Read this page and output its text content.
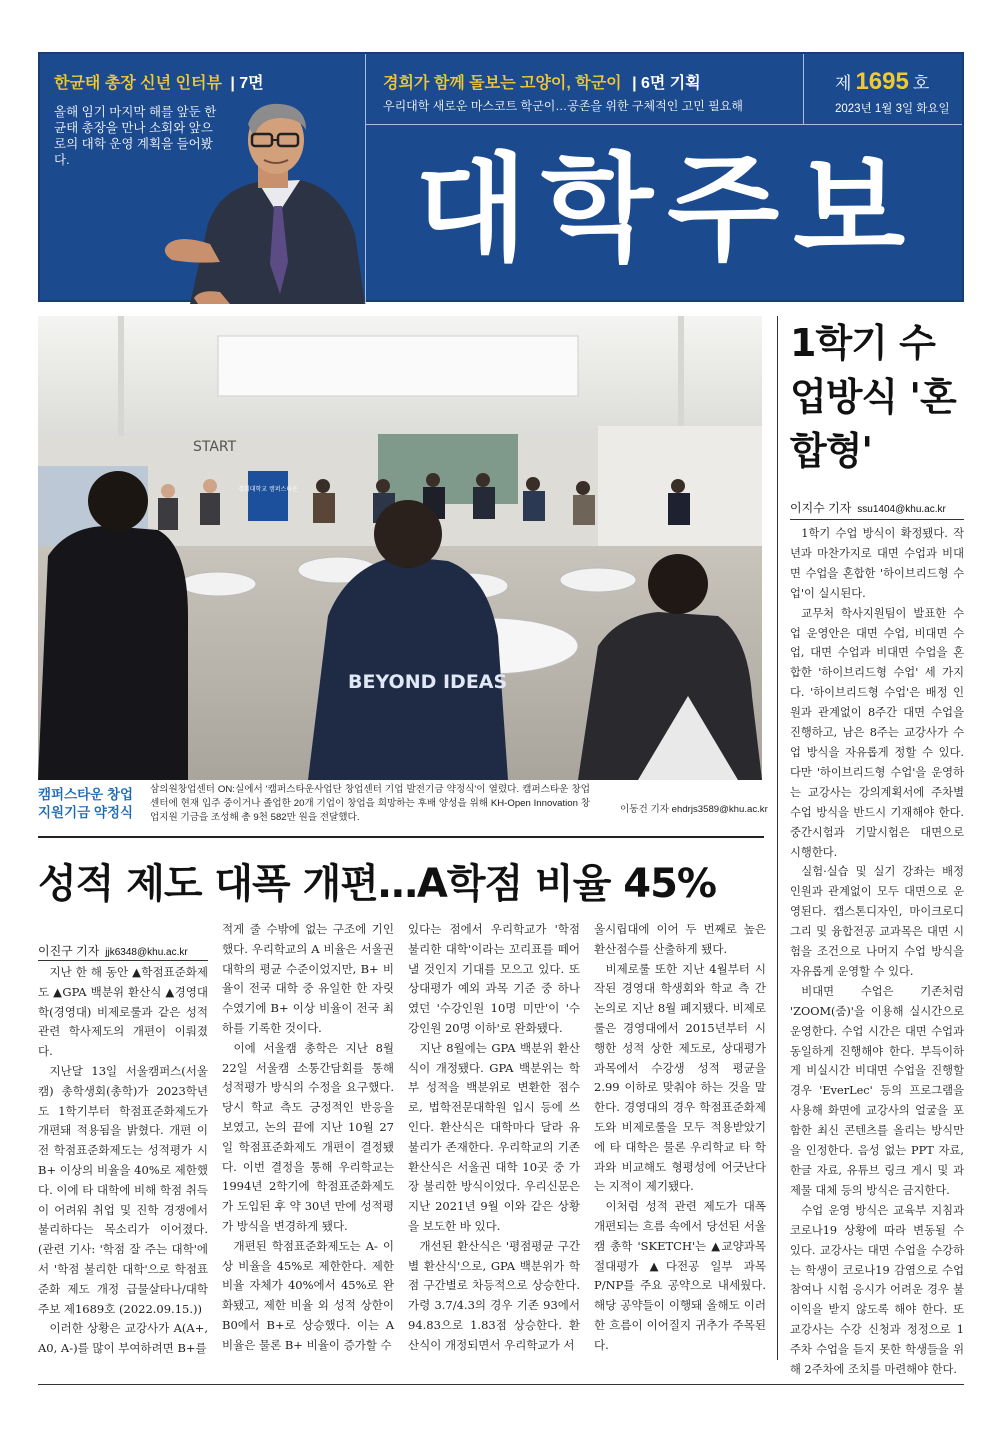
한균태 총장 신년 인터뷰 | 7면
올해 임기 마지막 해를 앞둔 한균태 총장을 만나 소회와 앞으로의 대학 운영 계획을 들어봤다.
경희가 함께 돌보는 고양이, 학군이 | 6면 기획
우리대학 새로운 마스코트 학군이…공존을 위한 구체적인 고민 필요해
제 1695 호
2023년 1월 3일 화요일
대학주보
START
경희대학교 캠퍼스타운
BEYOND IDEAS
캠퍼스타운 창업 지원기금 약정식
삼의원창업센터 ON:실에서 '캠퍼스타운사업단 창업센터 기업 발전기금 약정식'이 열렸다. 캠퍼스타운 창업센터에 현재 입주 중이거나 졸업한 20개 기업이 창업을 희망하는 후배 양성을 위해 KH-Open Innovation 창업지원 기금을 조성해 총 9천 582만 원을 전달했다.
이동건 기자 ehdrjs3589@khu.ac.kr
1학기 수업방식 '혼합형'
이지수 기자 ssu1404@khu.ac.kr

1학기 수업 방식이 확정됐다. 작년과 마찬가지로 대면 수업과 비대면 수업을 혼합한 '하이브리드형 수업'이 실시된다.

교무처 학사지원팀이 발표한 수업 운영안은 대면 수업, 비대면 수업, 대면 수업과 비대면 수업을 혼합한 '하이브리드형 수업' 세 가지다. '하이브리드형 수업'은 배정 인원과 관계없이 8주간 대면 수업을 진행하고, 남은 8주는 교강사가 수업 방식을 자유롭게 정할 수 있다. 다만 '하이브리드형 수업'을 운영하는 교강사는 강의계획서에 주차별 수업 방식을 반드시 기재해야 한다. 중간시험과 기말시험은 대면으로 시행한다.

실험·실습 및 실기 강좌는 배정 인원과 관계없이 모두 대면으로 운영된다. 캡스톤디자인, 마이크로디그리 및 융합전공 교과목은 대면 시험을 조건으로 나머지 수업 방식을 자유롭게 운영할 수 있다.

비대면 수업은 기존처럼 'ZOOM(줌)'을 이용해 실시간으로 운영한다. 수업 시간은 대면 수업과 동일하게 진행해야 한다. 부득이하게 비실시간 비대면 수업을 진행할 경우 'EverLec' 등의 프로그램을 사용해 화면에 교강사의 얼굴을 포함한 최신 콘텐츠를 올리는 방식만을 인정한다. 음성 없는 PPT 자료, 한글 자료, 유튜브 링크 게시 및 과제물 대체 등의 방식은 금지한다.

수업 운영 방식은 교육부 지침과 코로나19 상황에 따라 변동될 수 있다. 교강사는 대면 수업을 수강하는 학생이 코로나19 감염으로 수업 참여나 시험 응시가 어려운 경우 불이익을 받지 않도록 해야 한다. 또 교강사는 수강 신청과 정정으로 1주차 수업을 듣지 못한 학생들을 위해 2주차에 조치를 마련해야 한다.

성적 제도 대폭 개편…A학점 비율 45%
이진구 기자 jjk6348@khu.ac.kr

지난 한 해 동안 ▲학점표준화제도 ▲GPA 백분위 환산식 ▲경영대학(경영대) 비제로룰과 같은 성적 관련 학사제도의 개편이 이뤄졌다.

지난달 13일 서울캠퍼스(서울캠) 총학생회(총학)가 2023학년도 1학기부터 학점표준화제도가 개편돼 적용됨을 밝혔다. 개편 이전 학점표준화제도는 성적평가 시 B+ 이상의 비율을 40%로 제한했다. 이에 타 대학에 비해 학점 취득이 어려워 취업 및 진학 경쟁에서 불리하다는 목소리가 이어졌다. (관련 기사: '학점 잘 주는 대학'에서 '학점 불리한 대학'으로 학점표준화 제도 개정 급물살타나/대학주보 제1689호 (2022.09.15.))

이러한 상황은 교강사가 A(A+, A0, A-)를 많이 부여하려면 B+를

적게 줄 수밖에 없는 구조에 기인했다. 우리학교의 A 비율은 서울권 대학의 평균 수준이었지만, B+ 비율이 전국 대학 중 유일한 한 자릿수였기에 B+ 이상 비율이 전국 최하를 기록한 것이다.

이에 서울캠 총학은 지난 8월 22일 서울캠 소통간담회를 통해 성적평가 방식의 수정을 요구했다. 당시 학교 측도 긍정적인 반응을 보였고, 논의 끝에 지난 10월 27일 학점표준화제도 개편이 결정됐다. 이번 결정을 통해 우리학교는 1994년 2학기에 학점표준화제도가 도입된 후 약 30년 만에 성적평가 방식을 변경하게 됐다.

개편된 학점표준화제도는 A- 이상 비율을 45%로 제한한다. 제한 비율 자체가 40%에서 45%로 완화됐고, 제한 비율 외 성적 상한이 B0에서 B+로 상승했다. 이는 A 비율은 물론 B+ 비율이 증가할 수

있다는 점에서 우리학교가 '학점 불리한 대학'이라는 꼬리표를 떼어낼 것인지 기대를 모으고 있다. 또 상대평가 예외 과목 기준 중 하나였던 '수강인원 10명 미만'이 '수강인원 20명 이하'로 완화됐다.

지난 8월에는 GPA 백분위 환산식이 개정됐다. GPA 백분위는 학부 성적을 백분위로 변환한 점수로, 법학전문대학원 입시 등에 쓰인다. 환산식은 대학마다 달라 유불리가 존재한다. 우리학교의 기존 환산식은 서울권 대학 10곳 중 가장 불리한 방식이었다. 우리신문은 지난 2021년 9월 이와 같은 상황을 보도한 바 있다.

개선된 환산식은 '평점평균 구간별 환산식'으로, GPA 백분위가 학점 구간별로 차등적으로 상승한다. 가령 3.7/4.3의 경우 기존 93에서 94.83으로 1.83점 상승한다. 환산식이 개정되면서 우리학교가 서

울시립대에 이어 두 번째로 높은 환산점수를 산출하게 됐다.

비제로룰 또한 지난 4월부터 시작된 경영대 학생회와 학교 측 간 논의로 지난 8월 폐지됐다. 비제로룰은 경영대에서 2015년부터 시행한 성적 상한 제도로, 상대평가 과목에서 수강생 성적 평균을 2.99 이하로 맞춰야 하는 것을 말한다. 경영대의 경우 학점표준화제도와 비제로룰을 모두 적용받았기에 타 대학은 물론 우리학교 타 학과와 비교해도 형평성에 어긋난다는 지적이 제기됐다.

이처럼 성적 관련 제도가 대폭 개편되는 흐름 속에서 당선된 서울캠 총학 'SKETCH'는 ▲교양과목 절대평가 ▲다전공 일부 과목 P/NP를 주요 공약으로 내세웠다. 해당 공약들이 이행돼 올해도 이러한 흐름이 이어질지 귀추가 주목된다.
